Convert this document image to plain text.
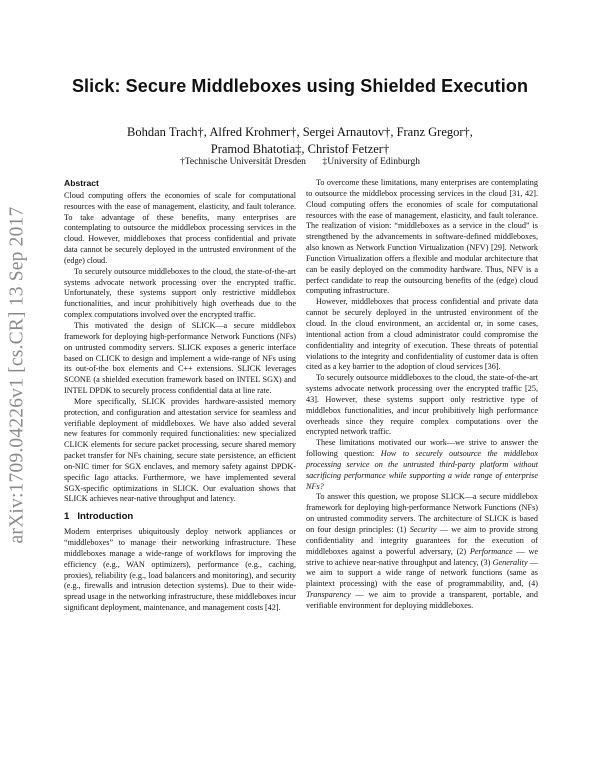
arXiv:1709.04226v1 [cs.CR] 13 Sep 2017
Slick: Secure Middleboxes using Shielded Execution
Bohdan Trach†, Alfred Krohmer†, Sergei Arnautov†, Franz Gregor†,
Pramod Bhatotia‡, Christof Fetzer†
†Technische Universität Dresden       ‡University of Edinburgh
Abstract

Cloud computing offers the economies of scale for computational resources with the ease of management, elasticity, and fault tolerance. To take advantage of these benefits, many enterprises are contemplating to outsource the middlebox processing services in the cloud. However, middleboxes that process confidential and private data cannot be securely deployed in the untrusted environment of the (edge) cloud.

To securely outsource middleboxes to the cloud, the state-of-the-art systems advocate network processing over the encrypted traffic. Unfortunately, these systems support only restrictive middlebox functionalities, and incur prohibitively high overheads due to the complex computations involved over the encrypted traffic.

This motivated the design of SLICK—a secure middlebox framework for deploying high-performance Network Functions (NFs) on untrusted commodity servers. SLICK exposes a generic interface based on CLICK to design and implement a wide-range of NFs using its out-of-the box elements and C++ extensions. SLICK leverages SCONE (a shielded execution framework based on INTEL SGX) and INTEL DPDK to securely process confidential data at line rate.

More specifically, SLICK provides hardware-assisted memory protection, and configuration and attestation service for seamless and verifiable deployment of middleboxes. We have also added several new features for commonly required functionalities: new specialized CLICK elements for secure packet processing, secure shared memory packet transfer for NFs chaining, secure state persistence, an efficient on-NIC timer for SGX enclaves, and memory safety against DPDK-specific Iago attacks. Furthermore, we have implemented several SGX-specific optimizations in SLICK. Our evaluation shows that SLICK achieves near-native throughput and latency.

1 Introduction

Modern enterprises ubiquitously deploy network appliances or “middleboxes” to manage their networking infrastructure. These middleboxes manage a wide-range of workflows for improving the efficiency (e.g., WAN optimizers), performance (e.g., caching, proxies), reliability (e.g., load balancers and monitoring), and security (e.g., firewalls and intrusion detection systems). Due to their wide-spread usage in the networking infrastructure, these middleboxes incur significant deployment, maintenance, and management costs [42].

To overcome these limitations, many enterprises are contemplating to outsource the middlebox processing services in the cloud [31, 42]. Cloud computing offers the economies of scale for computational resources with the ease of management, elasticity, and fault tolerance. The realization of vision: “middleboxes as a service in the cloud” is strengthened by the advancements in software-defined middleboxes, also known as Network Function Virtualization (NFV) [29]. Network Function Virtualization offers a flexible and modular architecture that can be easily deployed on the commodity hardware. Thus, NFV is a perfect candidate to reap the outsourcing benefits of the (edge) cloud computing infrastructure.

However, middleboxes that process confidential and private data cannot be securely deployed in the untrusted environment of the cloud. In the cloud environment, an accidental or, in some cases, intentional action from a cloud administrator could compromise the confidentiality and integrity of execution. These threats of potential violations to the integrity and confidentiality of customer data is often cited as a key barrier to the adoption of cloud services [36].

To securely outsource middleboxes to the cloud, the state-of-the-art systems advocate network processing over the encrypted traffic [25, 43]. However, these systems support only restrictive type of middlebox functionalities, and incur prohibitively high performance overheads since they require complex computations over the encrypted network traffic.

These limitations motivated our work—we strive to answer the following question: How to securely outsource the middlebox processing service on the untrusted third-party platform without sacrificing performance while supporting a wide range of enterprise NFs?

To answer this question, we propose SLICK—a secure middlebox framework for deploying high-performance Network Functions (NFs) on untrusted commodity servers. The architecture of SLICK is based on four design principles: (1) Security — we aim to provide strong confidentiality and integrity guarantees for the execution of middleboxes against a powerful adversary, (2) Performance — we strive to achieve near-native throughput and latency, (3) Generality — we aim to support a wide range of network functions (same as plaintext processing) with the ease of programmability, and, (4) Transparency — we aim to provide a transparent, portable, and verifiable environment for deploying middleboxes.
